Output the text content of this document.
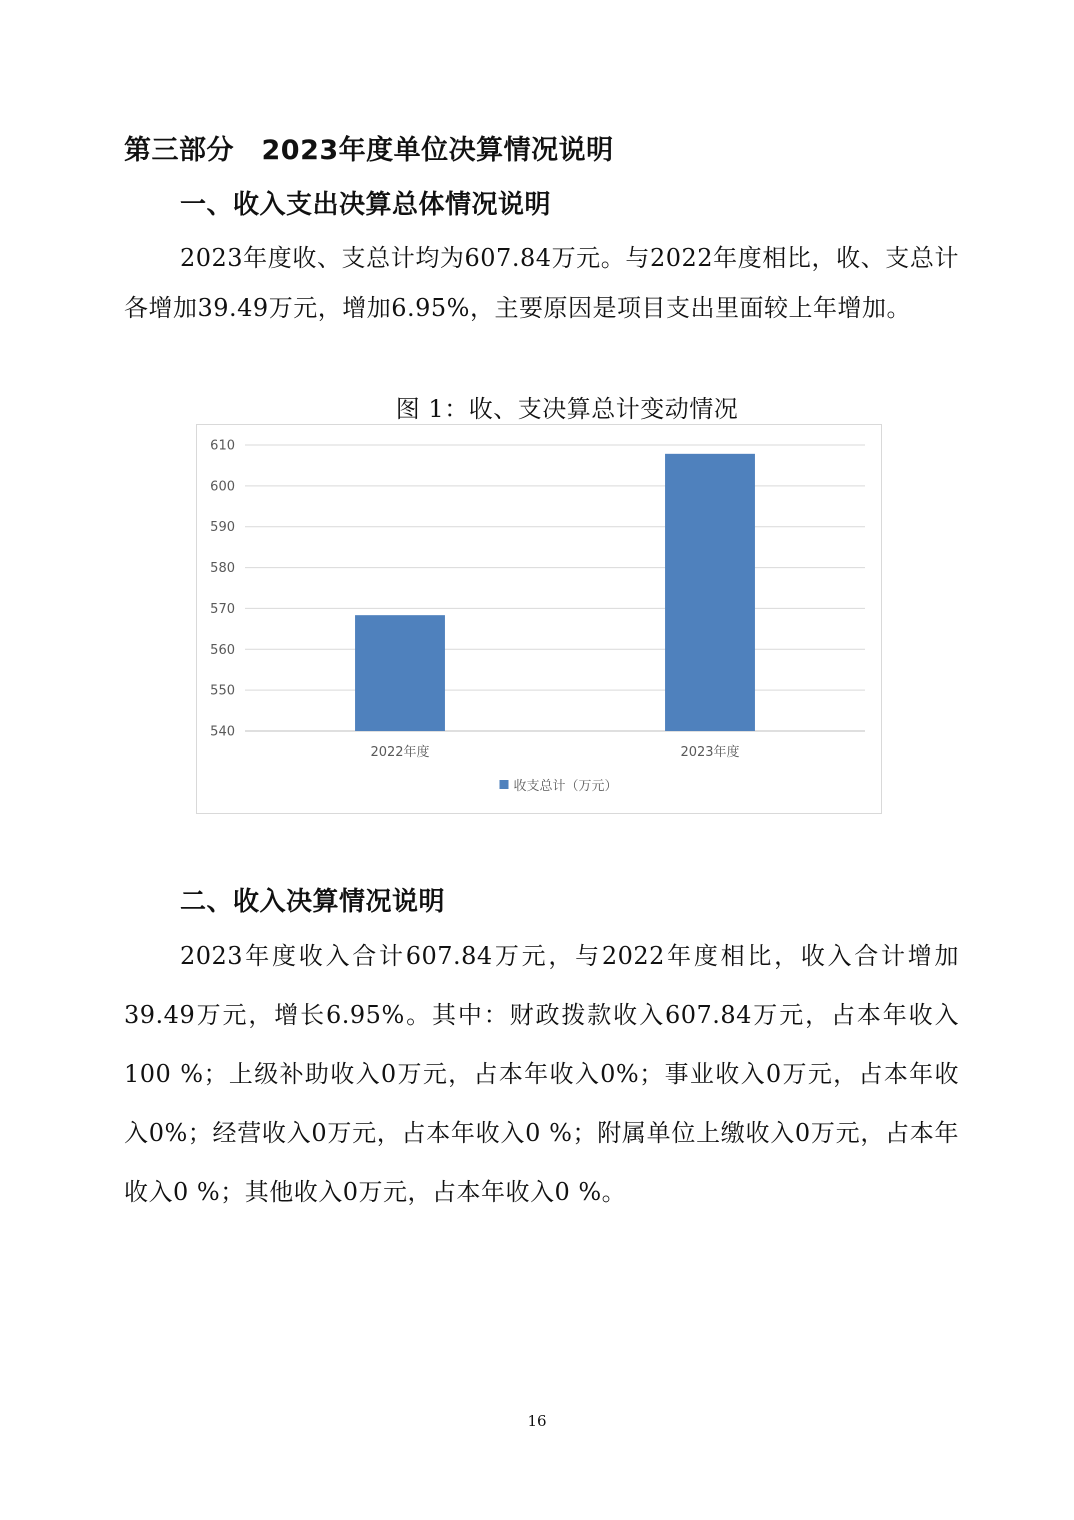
第三部分　2023年度单位决算情况说明
一、收入支出决算总体情况说明
2023年度收、支总计均为607.84万元。与2022年度相比，收、支总计各增加39.49万元，增加6.95%，主要原因是项目支出里面较上年增加。
图 1：收、支决算总计变动情况
540
550
560
570
580
590
600
610
2022年度	2023年度
收支总计（万元）
二、收入决算情况说明
2023年度收入合计607.84万元，与2022年度相比，收入合计增加39.49万元，增长6.95%。其中：财政拨款收入607.84万元，占本年收入100 %；上级补助收入0万元，占本年收入0%；事业收入0万元，占本年收入0%；经营收入0万元，占本年收入0 %；附属单位上缴收入0万元，占本年收入0 %；其他收入0万元，占本年收入0 %。
16
